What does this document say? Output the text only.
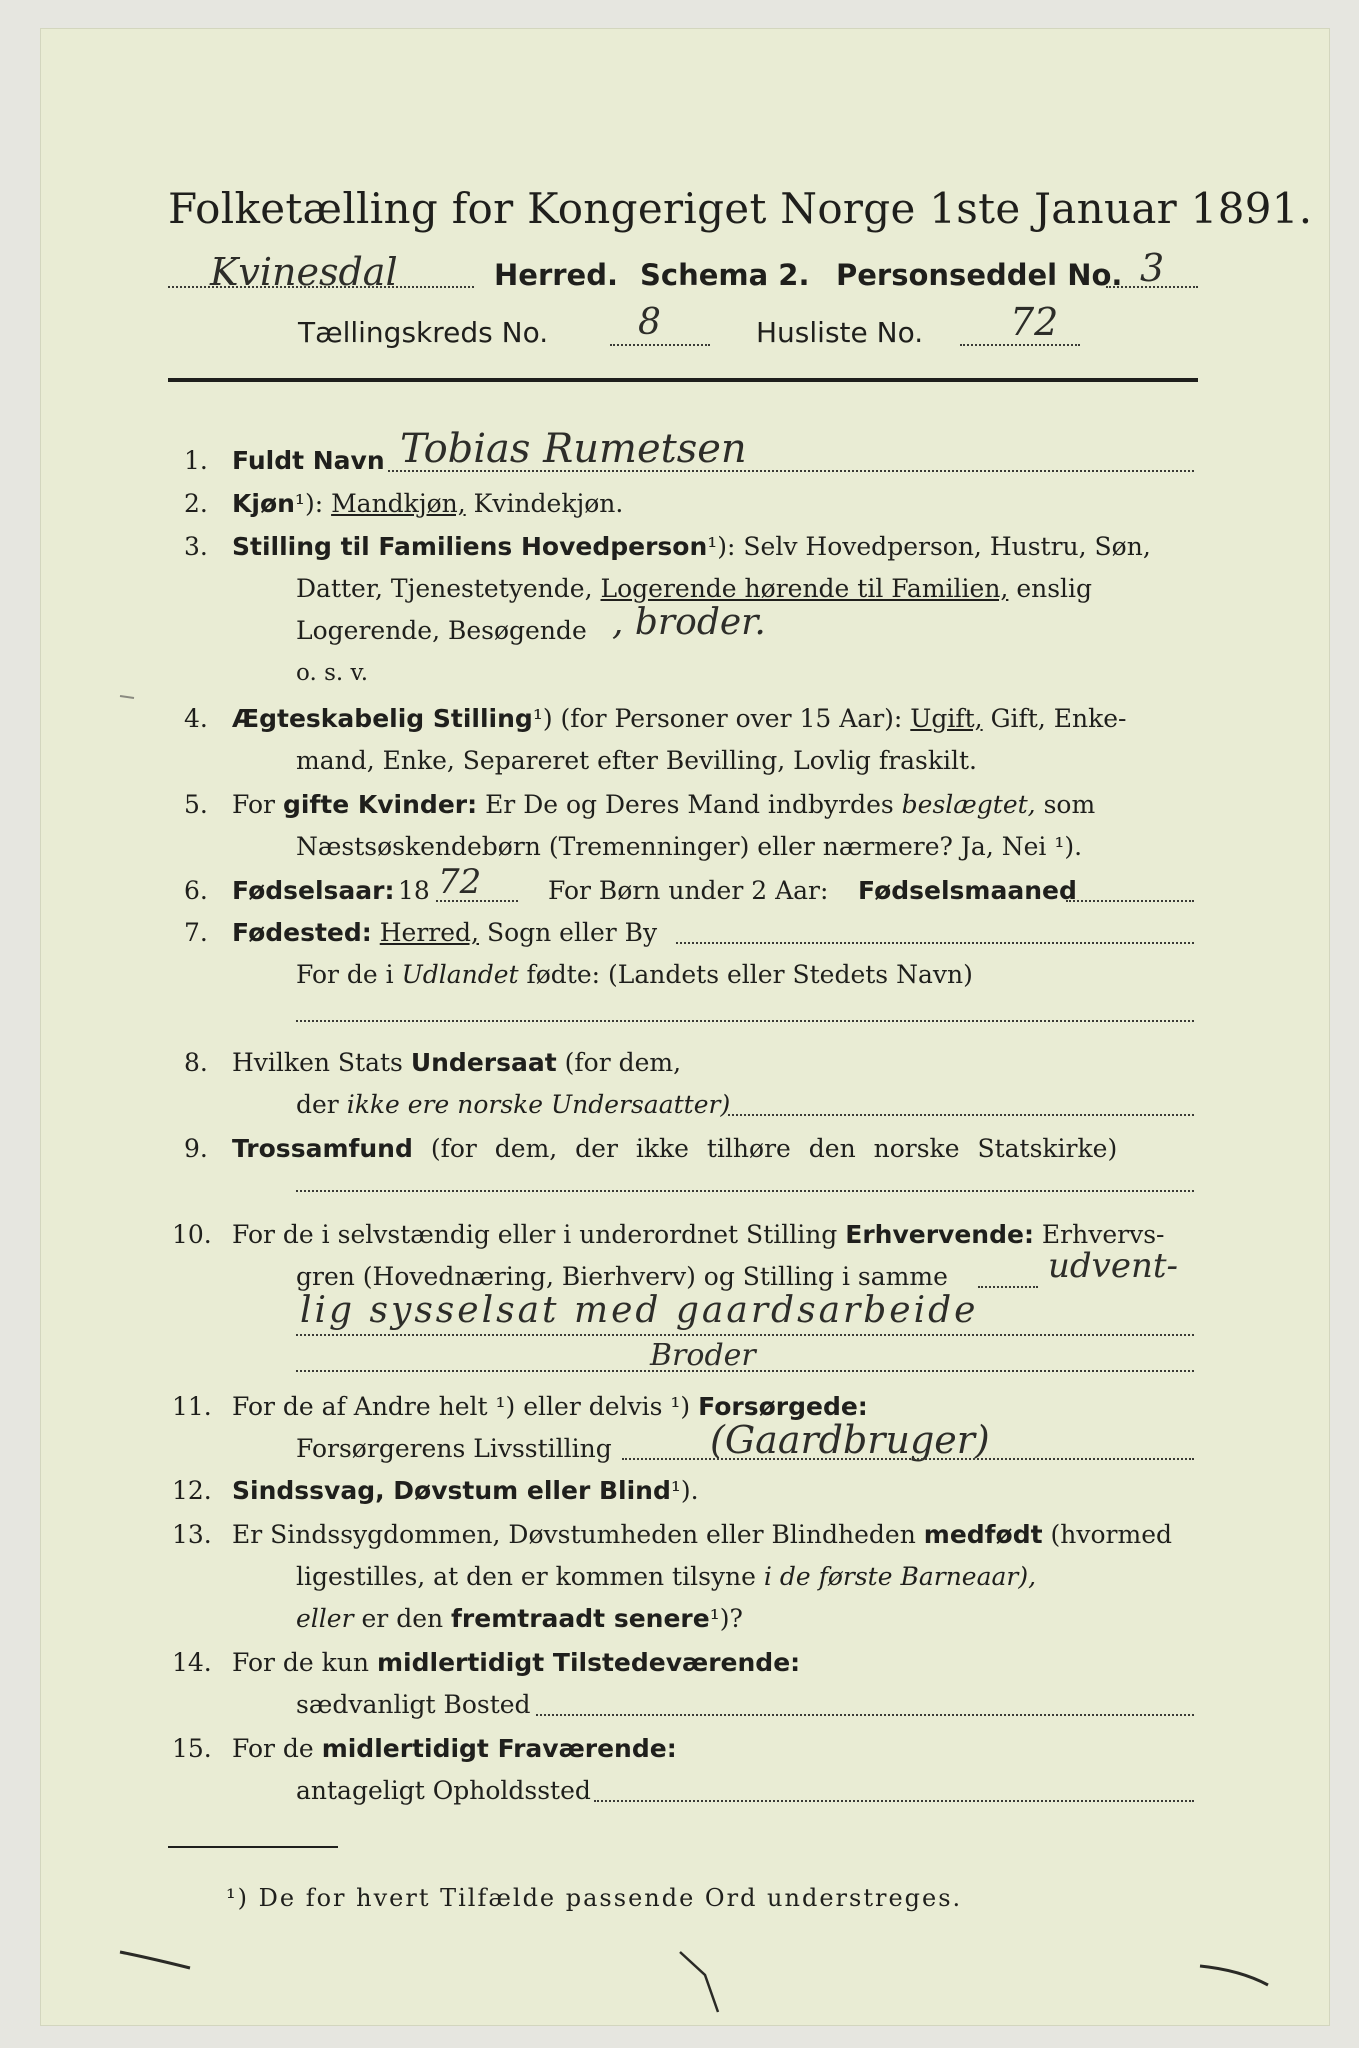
Folketælling for Kongeriget Norge 1ste Januar 1891.
Kvinesdal	Herred. Schema 2. Personseddel No. 3
Tællingskreds No. 8	Husliste No. 72
1. Fuldt Navn Tobias Rumetsen
2. Kjøn¹): Mandkjøn, Kvindekjøn.
3. Stilling til Familiens Hovedperson¹): Selv Hovedperson, Hustru, Søn,
Datter, Tjenestetyende, Logerende hørende til Familien, enslig
Logerende, Besøgende , broder.
o. s. v.
4. Ægteskabelig Stilling¹) (for Personer over 15 Aar): Ugift, Gift, Enke-
mand, Enke, Separeret efter Bevilling, Lovlig fraskilt.
5. For gifte Kvinder: Er De og Deres Mand indbyrdes beslægtet, som
Næstsøskendebørn (Tremenninger) eller nærmere? Ja, Nei ¹).
6. Fødselsaar: 18 72	For Børn under 2 Aar: Fødselsmaaned
7. Fødested: Herred, Sogn eller By
For de i Udlandet fødte: (Landets eller Stedets Navn)
8. Hvilken Stats Undersaat (for dem,
der ikke ere norske Undersaatter)
9. Trossamfund (for dem, der ikke tilhøre den norske Statskirke)
10. For de i selvstændig eller i underordnet Stilling Erhvervende: Erhvervs-
gren (Hovednæring, Bierhverv) og Stilling i samme	udvent-
lig sysselsat med gaardsarbeide
Broder
11. For de af Andre helt ¹) eller delvis ¹) Forsørgede:
Forsørgerens Livsstilling	(Gaardbruger)
12. Sindssvag, Døvstum eller Blind¹).
13. Er Sindssygdommen, Døvstumheden eller Blindheden medfødt (hvormed
ligestilles, at den er kommen tilsyne i de første Barneaar),
eller er den fremtraadt senere¹)?
14. For de kun midlertidigt Tilstedeværende:
sædvanligt Bosted
15. For de midlertidigt Fraværende:
antageligt Opholdssted
¹) De for hvert Tilfælde passende Ord understreges.
